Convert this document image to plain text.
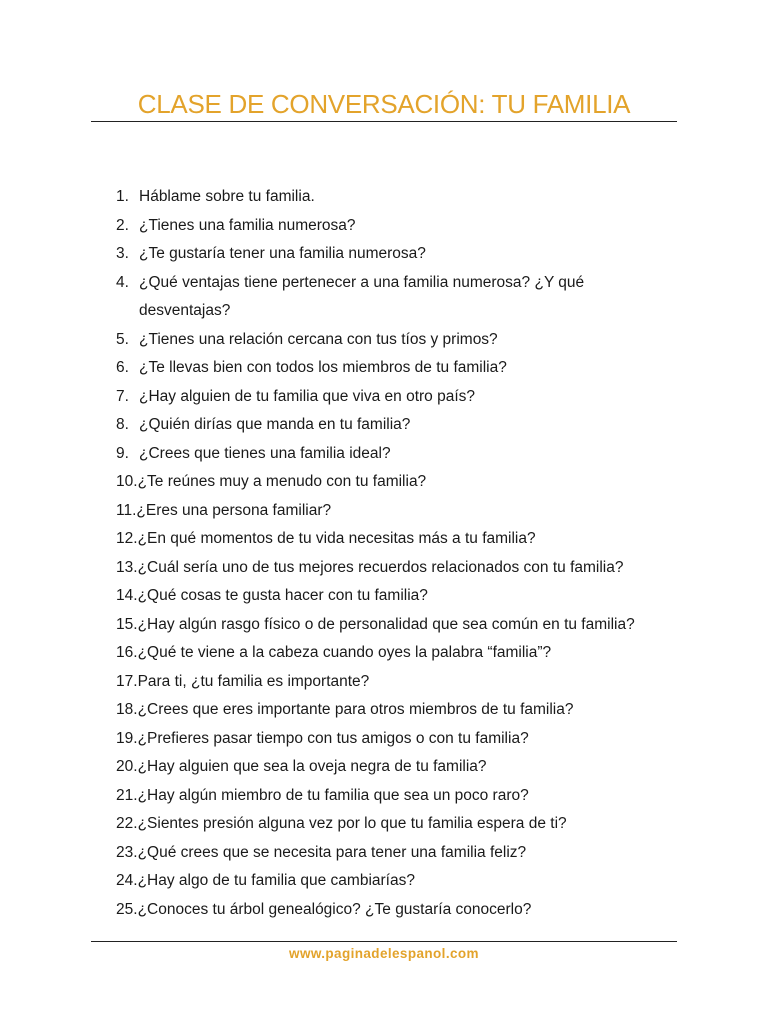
CLASE DE CONVERSACIÓN: TU FAMILIA
1. Háblame sobre tu familia.
2. ¿Tienes una familia numerosa?
3. ¿Te gustaría tener una familia numerosa?
4. ¿Qué ventajas tiene pertenecer a una familia numerosa? ¿Y qué desventajas?
5. ¿Tienes una relación cercana con tus tíos y primos?
6. ¿Te llevas bien con todos los miembros de tu familia?
7. ¿Hay alguien de tu familia que viva en otro país?
8. ¿Quién dirías que manda en tu familia?
9. ¿Crees que tienes una familia ideal?
10. ¿Te reúnes muy a menudo con tu familia?
11. ¿Eres una persona familiar?
12. ¿En qué momentos de tu vida necesitas más a tu familia?
13. ¿Cuál sería uno de tus mejores recuerdos relacionados con tu familia?
14. ¿Qué cosas te gusta hacer con tu familia?
15. ¿Hay algún rasgo físico o de personalidad que sea común en tu familia?
16. ¿Qué te viene a la cabeza cuando oyes la palabra “familia”?
17. Para ti, ¿tu familia es importante?
18. ¿Crees que eres importante para otros miembros de tu familia?
19. ¿Prefieres pasar tiempo con tus amigos o con tu familia?
20. ¿Hay alguien que sea la oveja negra de tu familia?
21. ¿Hay algún miembro de tu familia que sea un poco raro?
22. ¿Sientes presión alguna vez por lo que tu familia espera de ti?
23. ¿Qué crees que se necesita para tener una familia feliz?
24. ¿Hay algo de tu familia que cambiarías?
25. ¿Conoces tu árbol genealógico? ¿Te gustaría conocerlo?
www.paginadelespanol.com
